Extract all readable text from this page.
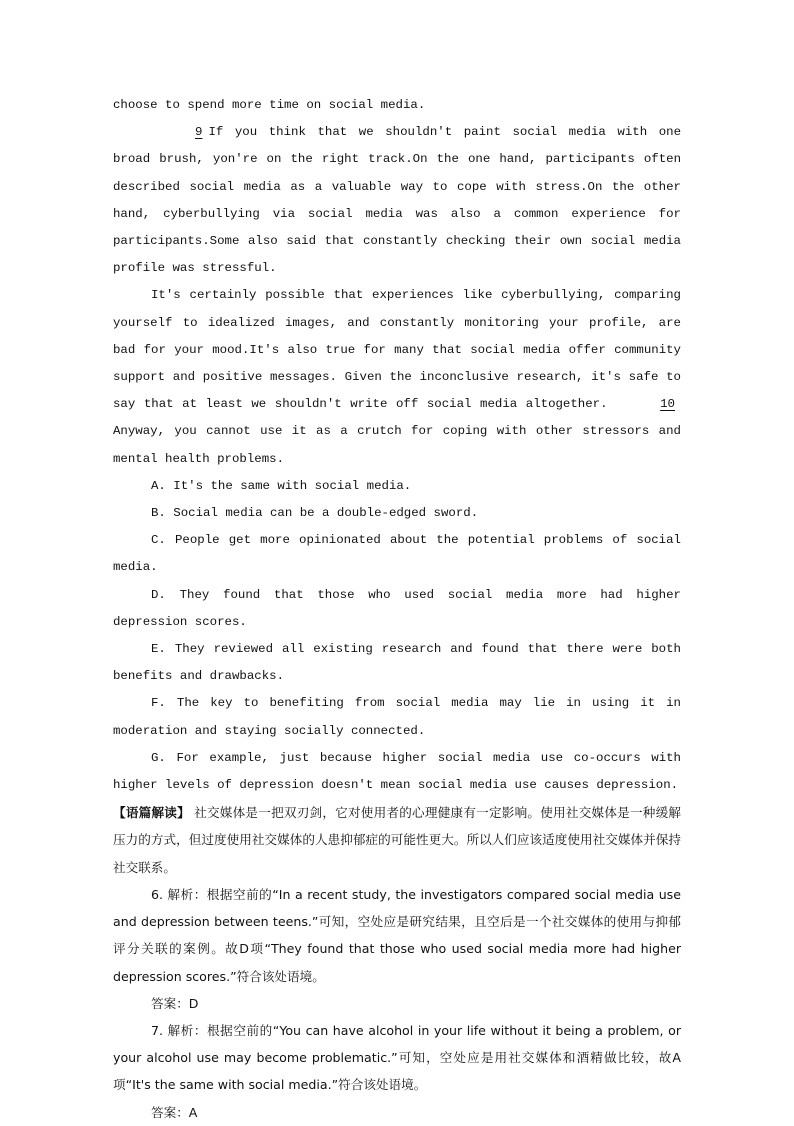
choose to spend more time on social media.

9 If you think that we shouldn't paint social media with one broad brush, yon're on the right track.On the one hand, participants often described social media as a valuable way to cope with stress.On the other hand, cyberbullying via social media was also a common experience for participants.Some also said that constantly checking their own social media profile was stressful.

It's certainly possible that experiences like cyberbullying, comparing yourself to idealized images, and constantly monitoring your profile, are bad for your mood.It's also true for many that social media offer community support and positive messages. Given the inconclusive research, it's safe to say that at least we shouldn't write off social media altogether.	10 Anyway, you cannot use it as a crutch for coping with other stressors and mental health problems.

A. It's the same with social media.

B. Social media can be a double-edged sword.

C. People get more opinionated about the potential problems of social media.

D. They found that those who used social media more had higher depression scores.

E. They reviewed all existing research and found that there were both benefits and drawbacks.

F. The key to benefiting from social media may lie in using it in moderation and staying socially connected.

G. For example, just because higher social media use co-occurs with higher levels of depression doesn't mean social media use causes depression.

【语篇解读】 社交媒体是一把双刃剑，它对使用者的心理健康有一定影响。使用社交媒体是一种缓解压力的方式，但过度使用社交媒体的人患抑郁症的可能性更大。所以人们应该适度使用社交媒体并保持社交联系。

6. 解析：根据空前的“In a recent study, the investigators compared social media use and depression between teens.”可知，空处应是研究结果，且空后是一个社交媒体的使用与抑郁评分关联的案例。故D项“They found that those who used social media more had higher depression scores.”符合该处语境。

答案：D

7. 解析：根据空前的“You can have alcohol in your life without it being a problem, or your alcohol use may become problematic.”可知，空处应是用社交媒体和酒精做比较，故A项“It's the same with social media.”符合该处语境。

答案：A
